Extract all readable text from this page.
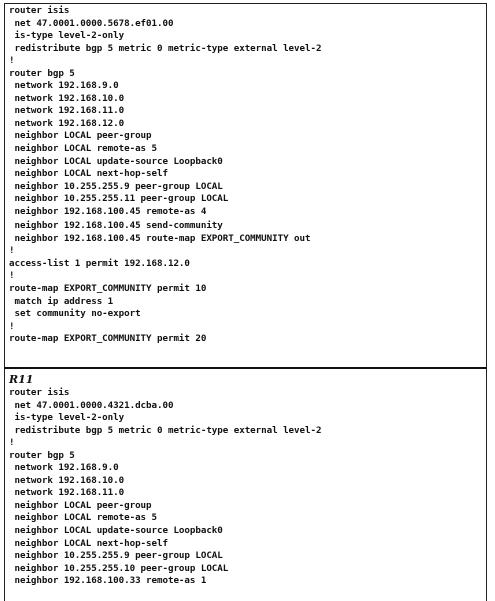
router isis
net 47.0001.0000.5678.ef01.00
is-type level-2-only
redistribute bgp 5 metric 0 metric-type external level-2
!
router bgp 5
network 192.168.9.0
network 192.168.10.0
network 192.168.11.0
network 192.168.12.0
neighbor LOCAL peer-group
neighbor LOCAL remote-as 5
neighbor LOCAL update-source Loopback0
neighbor LOCAL next-hop-self
neighbor 10.255.255.9 peer-group LOCAL
neighbor 10.255.255.11 peer-group LOCAL
neighbor 192.168.100.45 remote-as 4
neighbor 192.168.100.45 send-community
neighbor 192.168.100.45 route-map EXPORT_COMMUNITY out
!
access-list 1 permit 192.168.12.0
!
route-map EXPORT_COMMUNITY permit 10
match ip address 1
set community no-export
!
route-map EXPORT_COMMUNITY permit 20
R11
router isis
net 47.0001.0000.4321.dcba.00
is-type level-2-only
redistribute bgp 5 metric 0 metric-type external level-2
!
router bgp 5
network 192.168.9.0
network 192.168.10.0
network 192.168.11.0
neighbor LOCAL peer-group
neighbor LOCAL remote-as 5
neighbor LOCAL update-source Loopback0
neighbor LOCAL next-hop-self
neighbor 10.255.255.9 peer-group LOCAL
neighbor 10.255.255.10 peer-group LOCAL
neighbor 192.168.100.33 remote-as 1
